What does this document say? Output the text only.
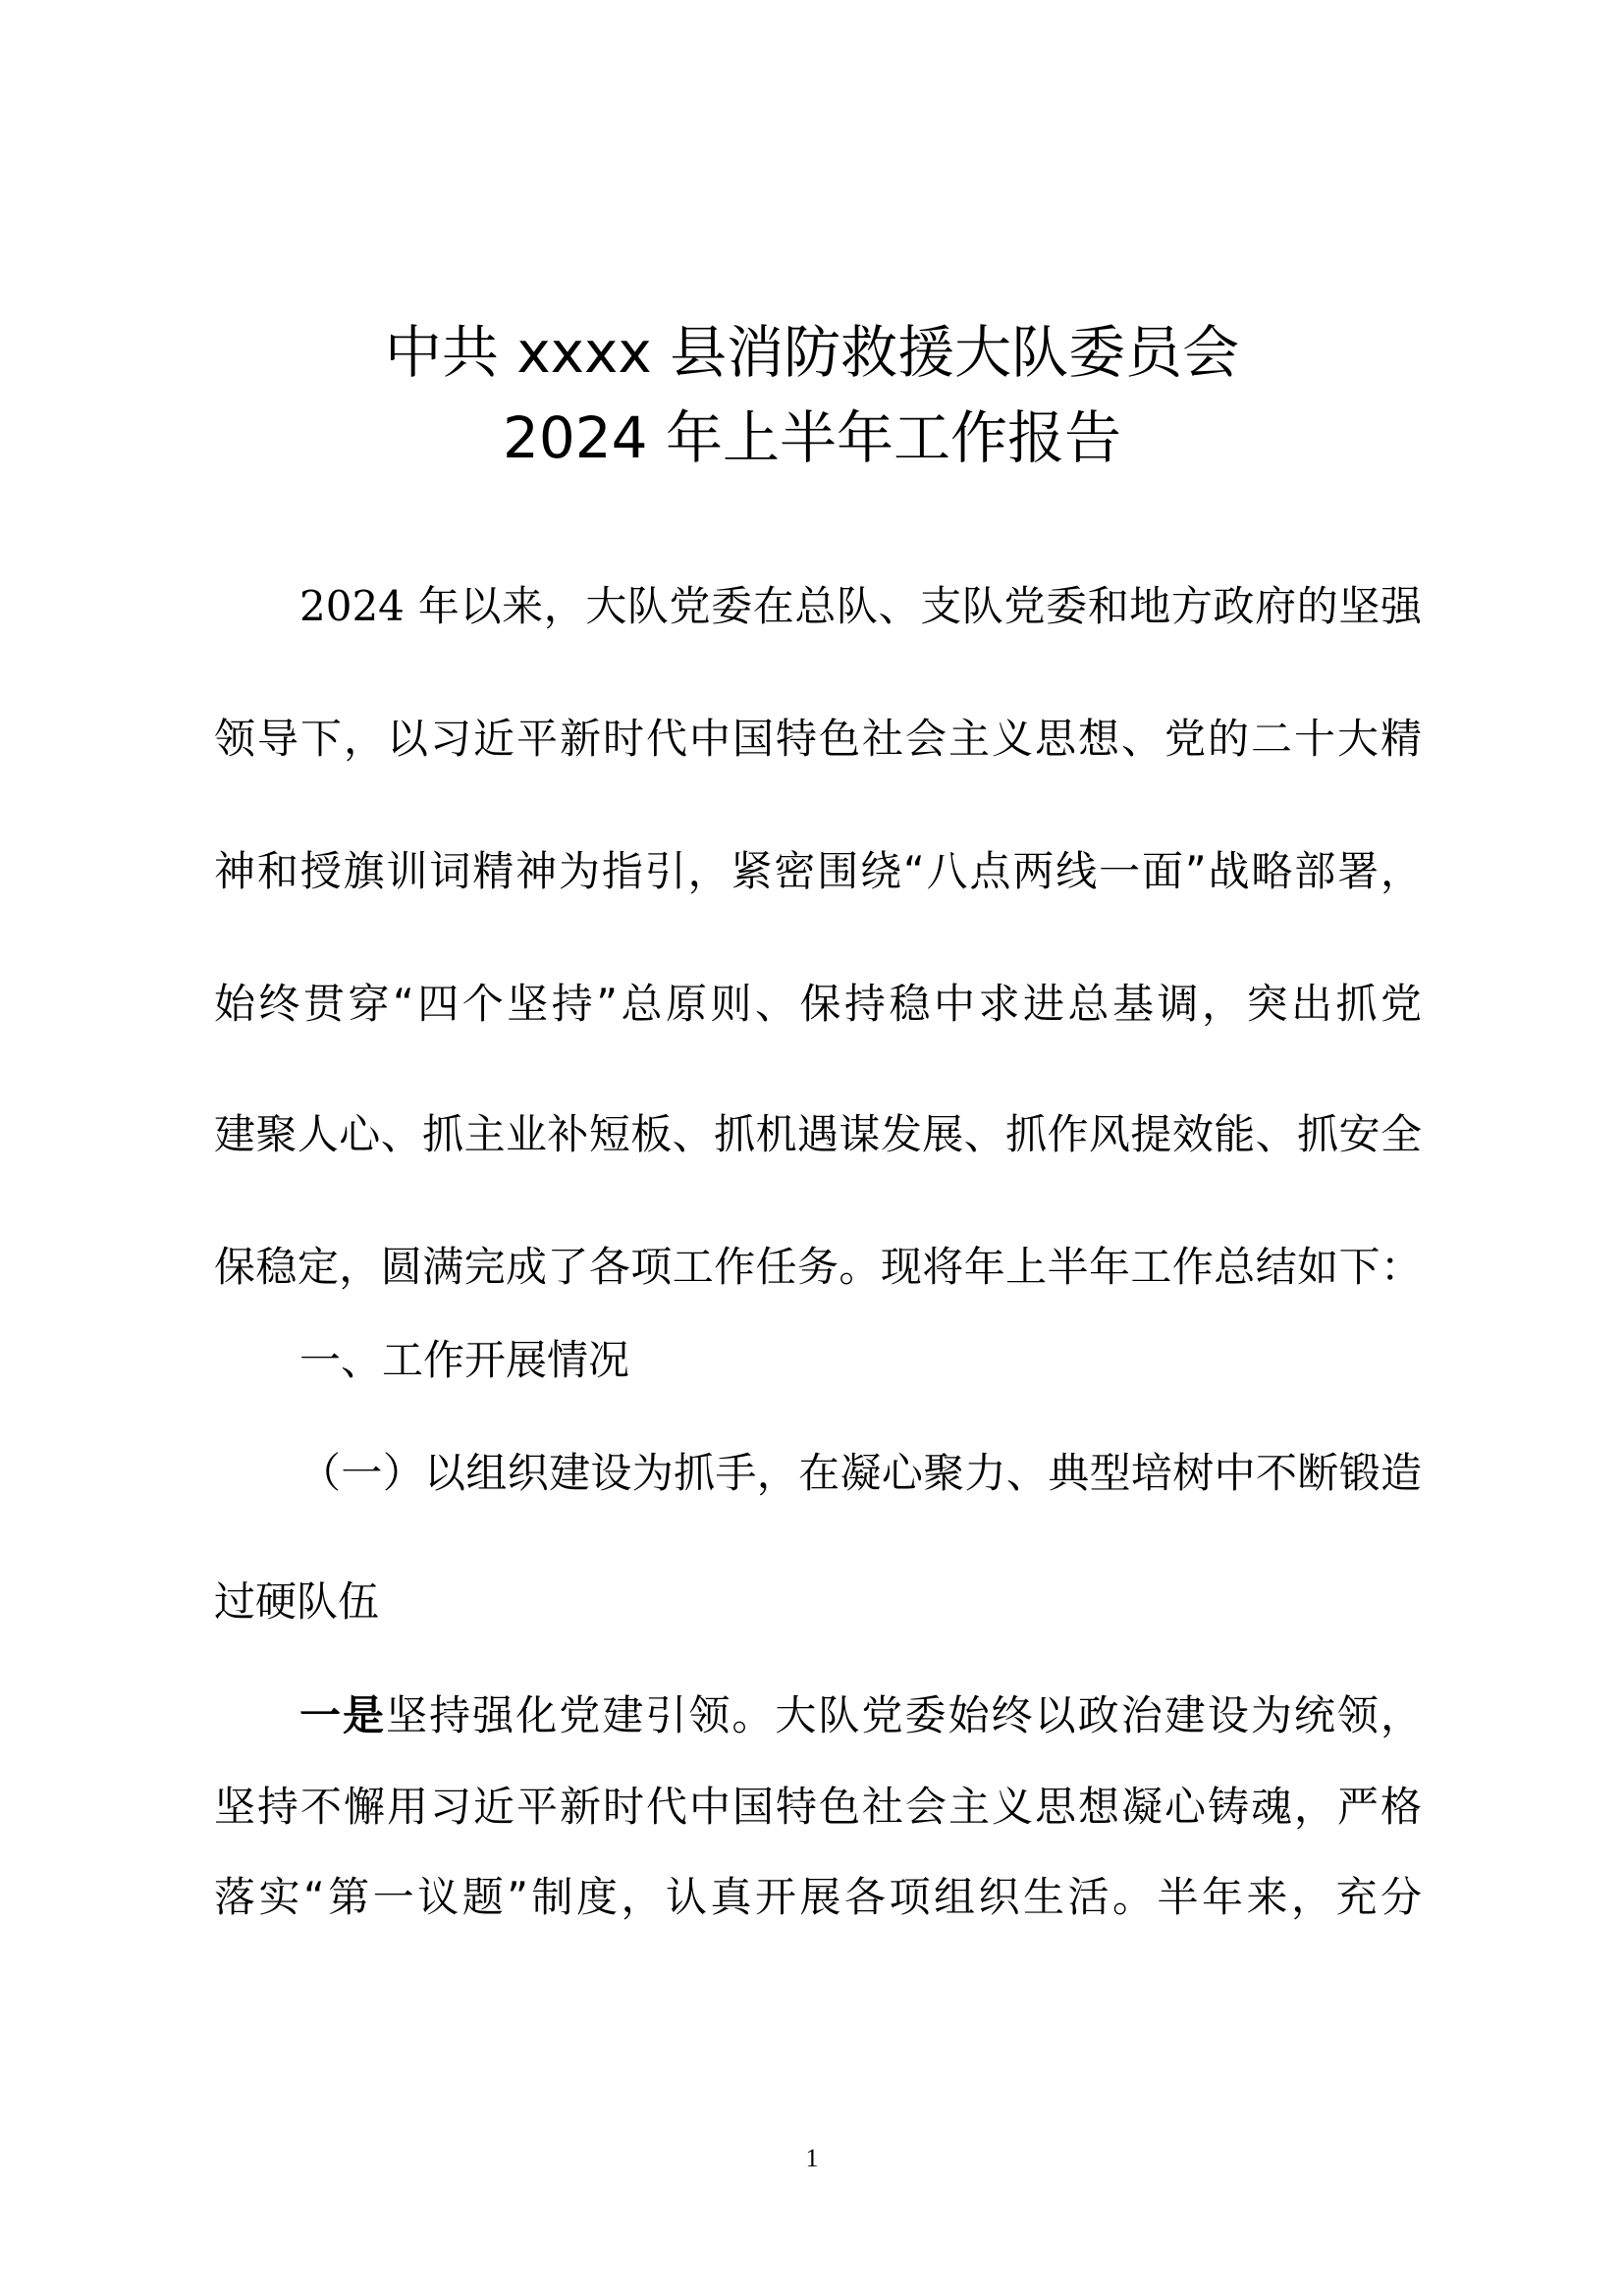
中共 xxxx 县消防救援大队委员会
2024 年上半年工作报告
2024 年以来，大队党委在总队、支队党委和地方政府的坚强
领导下，以习近平新时代中国特色社会主义思想、党的二十大精
神和授旗训词精神为指引，紧密围绕“八点两线一面”战略部署，
始终贯穿“四个坚持”总原则、保持稳中求进总基调，突出抓党
建聚人心、抓主业补短板、抓机遇谋发展、抓作风提效能、抓安全
保稳定，圆满完成了各项工作任务。现将年上半年工作总结如下：
一、工作开展情况
（一）以组织建设为抓手，在凝心聚力、典型培树中不断锻造
过硬队伍
一是坚持强化党建引领。大队党委始终以政治建设为统领，
坚持不懈用习近平新时代中国特色社会主义思想凝心铸魂，严格
落实“第一议题”制度，认真开展各项组织生活。半年来，充分
1
